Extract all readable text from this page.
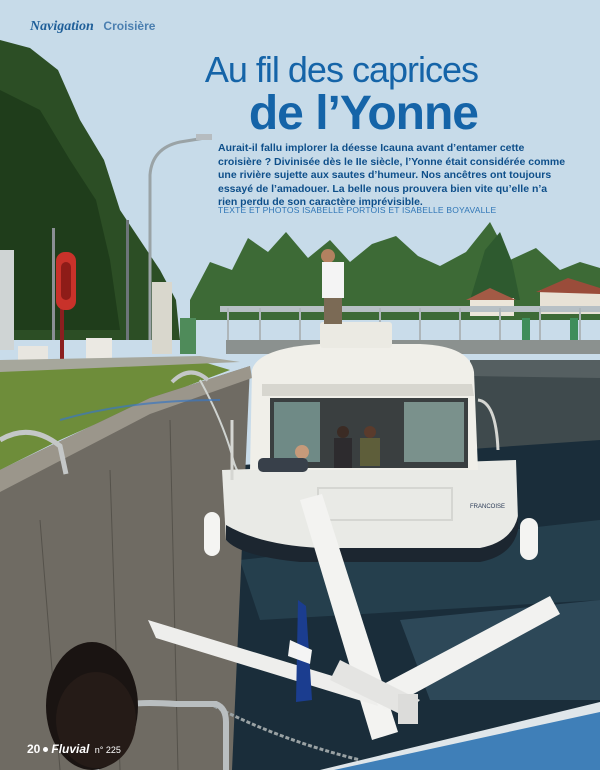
FRANCOISE
Navigation Croisière
Au fil des caprices
de l’Yonne
Aurait-il fallu implorer la déesse Icauna avant d’entamer cette croisière ? Divinisée dès le IIe siècle, l’Yonne était considérée comme une rivière sujette aux sautes d’humeur. Nos ancêtres ont toujours essayé de l’amadouer. La belle nous prouvera bien vite qu’elle n’a rien perdu de son caractère imprévisible.
TEXTE ET PHOTOS ISABELLE PORTOIS ET ISABELLE BOYAVALLE
20 Fluvial n° 225
